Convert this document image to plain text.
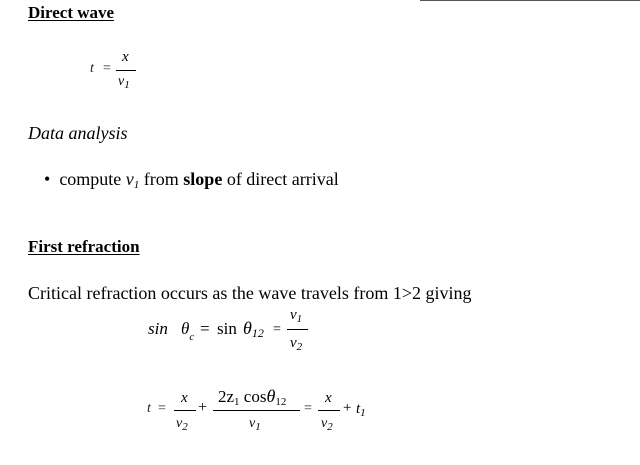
Direct wave
t =
x
$v_1$
Data analysis
• compute $v_1$ from slope of direct arrival
First refraction
Critical refraction occurs as the wave travels from 1>2 giving
$\sin \theta_c = \sin \theta_{12}$ =
$v_1$
$v_2$
t =
x
$v_2$
+
$2z_1$ cosθ$_{12}$
$v_1$
=
x
$v_2$
+ $t_1$
